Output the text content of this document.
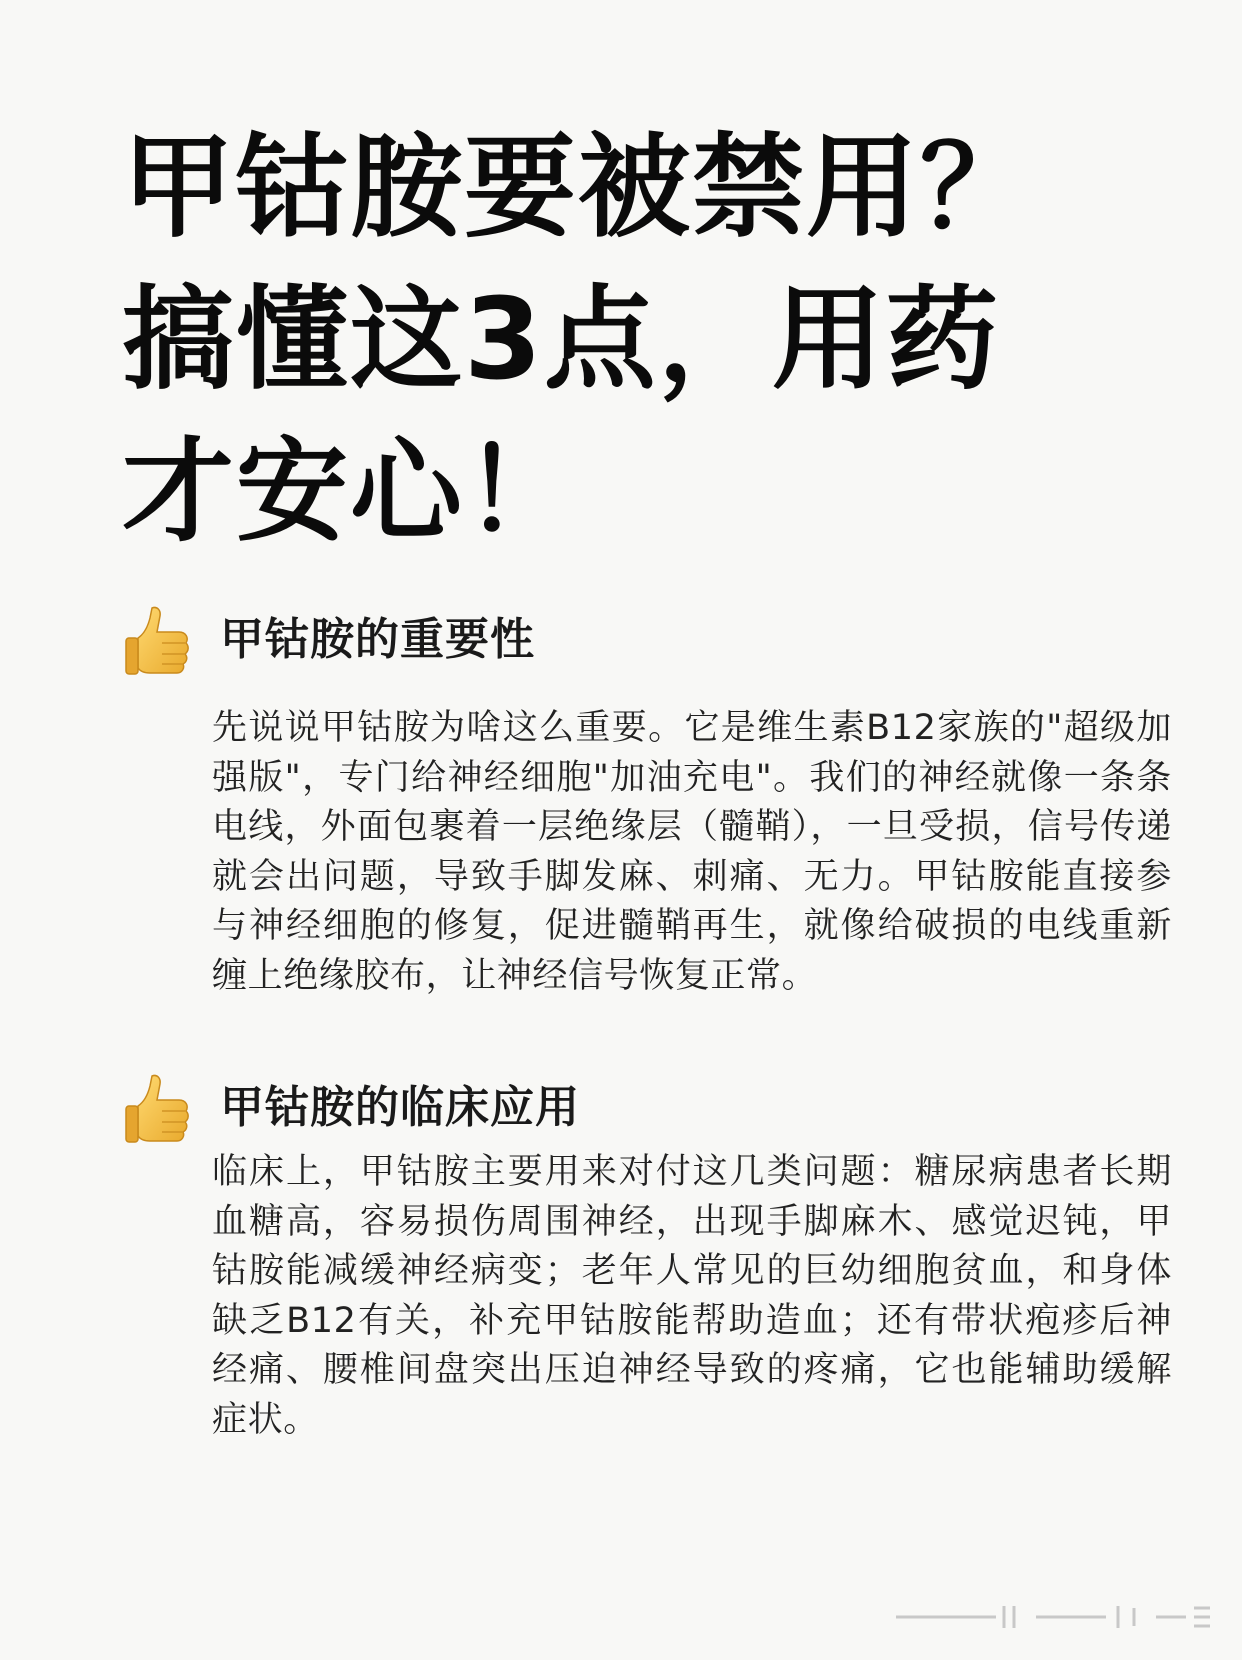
甲钴胺要被禁用？
搞懂这3点，用药
才安心！
甲钴胺的重要性

先说说甲钴胺为啥这么重要。它是维生素B12家族的"超级加强版"，专门给神经细胞"加油充电"。我们的神经就像一条条电线，外面包裹着一层绝缘层（髓鞘），一旦受损，信号传递就会出问题，导致手脚发麻、刺痛、无力。甲钴胺能直接参与神经细胞的修复，促进髓鞘再生，就像给破损的电线重新缠上绝缘胶布，让神经信号恢复正常。

甲钴胺的临床应用

临床上，甲钴胺主要用来对付这几类问题：糖尿病患者长期血糖高，容易损伤周围神经，出现手脚麻木、感觉迟钝，甲钴胺能减缓神经病变；老年人常见的巨幼细胞贫血，和身体缺乏B12有关，补充甲钴胺能帮助造血；还有带状疱疹后神经痛、腰椎间盘突出压迫神经导致的疼痛，它也能辅助缓解症状。
